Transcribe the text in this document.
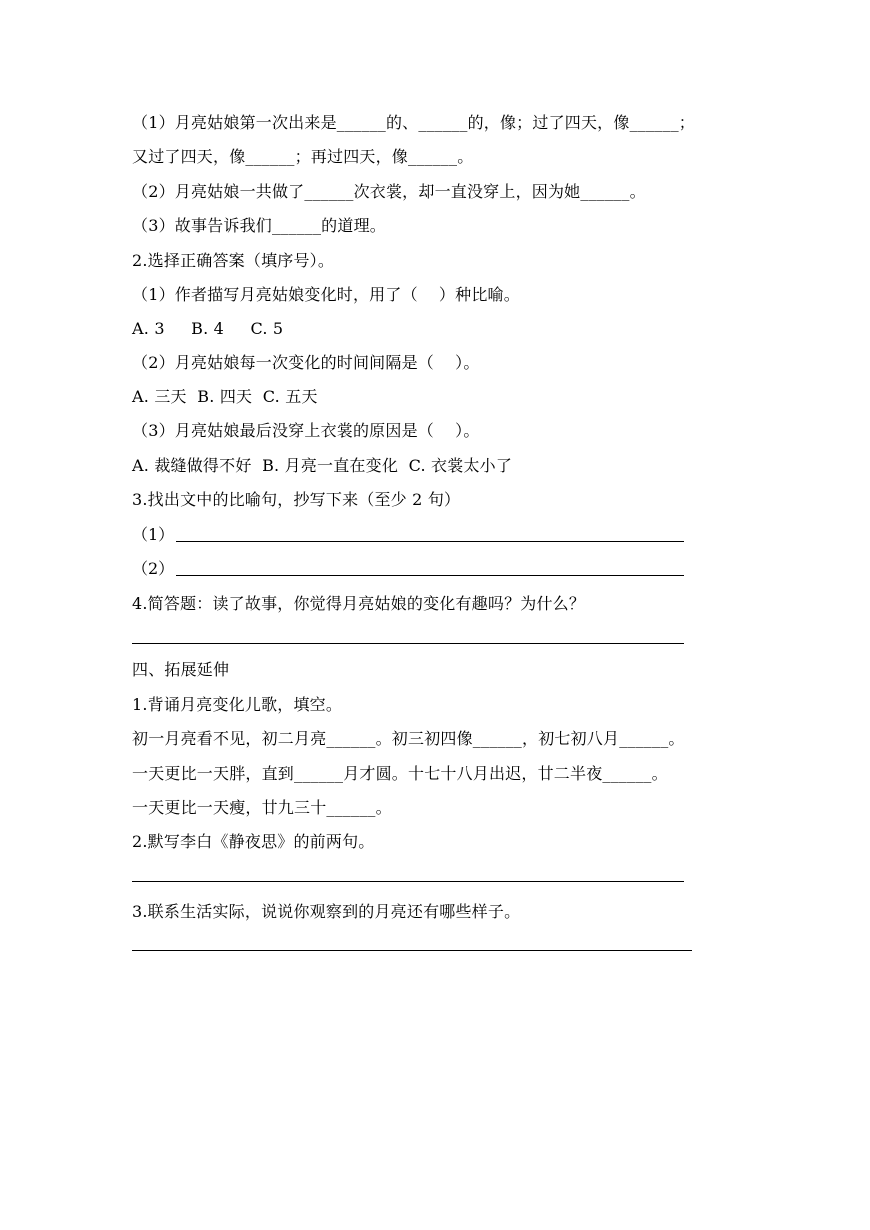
（1）月亮姑娘第一次出来是______的、______的，像；过了四天，像______；
又过了四天，像______；再过四天，像______。
（2）月亮姑娘一共做了______次衣裳，却一直没穿上，因为她______。
（3）故事告诉我们______的道理。
2.选择正确答案（填序号）。
（1）作者描写月亮姑娘变化时，用了（    ）种比喻。
A. 3     B. 4     C. 5
（2）月亮姑娘每一次变化的时间间隔是（    ）。
A. 三天  B. 四天  C. 五天
（3）月亮姑娘最后没穿上衣裳的原因是（    ）。
A. 裁缝做得不好  B. 月亮一直在变化  C. 衣裳太小了
3.找出文中的比喻句，抄写下来（至少 2 句）
（1）
（2）
4.简答题：读了故事，你觉得月亮姑娘的变化有趣吗？为什么？
四、拓展延伸
1.背诵月亮变化儿歌，填空。
初一月亮看不见，初二月亮______。初三初四像______，初七初八月______。
一天更比一天胖，直到______月才圆。十七十八月出迟，廿二半夜______。
一天更比一天瘦，廿九三十______。
2.默写李白《静夜思》的前两句。
3.联系生活实际，说说你观察到的月亮还有哪些样子。
